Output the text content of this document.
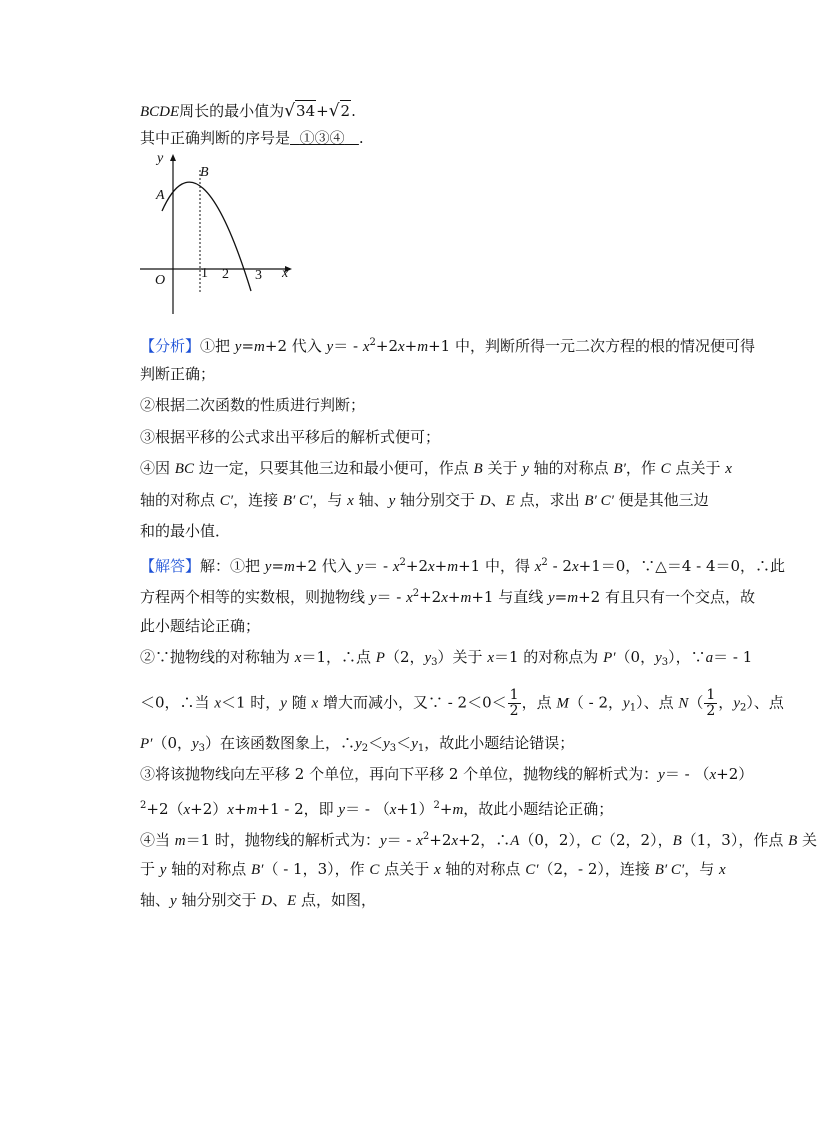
BCDE周长的最小值为√34+√2.
其中正确判断的序号是 ①③④ .
y
B
A
O	1 2 3 x
【分析】①把 y=m+2 代入 $y= - x^2+2x+m+1$ 中，判断所得一元二次方程的根的情况便可得
判断正确；
②根据二次函数的性质进行判断；
③根据平移的公式求出平移后的解析式便可；
④因 BC 边一定，只要其他三边和最小便可，作点 B 关于 y 轴的对称点 B′，作 C 点关于 x
轴的对称点 C′，连接 B′ C′，与 x 轴、y 轴分别交于 D、E 点，求出 B′ C′ 便是其他三边
和的最小值．
【解答】解：①把 y=m+2 代入 $y= - x^2+2x+m+1$ 中，得 $x^2 - 2x+1=0$，∵△＝4 - 4＝0，∴此
方程两个相等的实数根，则抛物线 $y= - x^2+2x+m+1$ 与直线 y=m+2 有且只有一个交点，故
此小题结论正确；
②∵抛物线的对称轴为 x＝1，∴点 P（2，$y_3$）关于 x＝1 的对称点为 P′（0，$y_3$），∵a＝ - 1
＜0，∴当 x＜1 时，y 随 x 增大而减小，又∵ - $2<0< \frac{1}{2}$ ，点 M（ - 2，$y_1$）、点 $N( \frac{1}{2}$ ，$y_2$）、点
P′（0，$y_3$）在该函数图象上，$\therefore y_2<y_3<y_1$，故此小题结论错误；
③将该抛物线向左平移 2 个单位，再向下平移 2 个单位，抛物线的解析式为：y＝ - （x+2）
$^2$+2（x+2）x+m+1 - 2，即 $y= - (x+1)^2+m$，故此小题结论正确；
④当 m＝1 时，抛物线的解析式为：$y= - x^2+2x+2$，∴A（0，2），C（2，2），B（1，3），作点 B 关
于 y 轴的对称点 B′（ - 1，3），作 C 点关于 x 轴的对称点 C′（2，- 2），连接 B′ C′，与 x
轴、y 轴分别交于 D、E 点，如图，
